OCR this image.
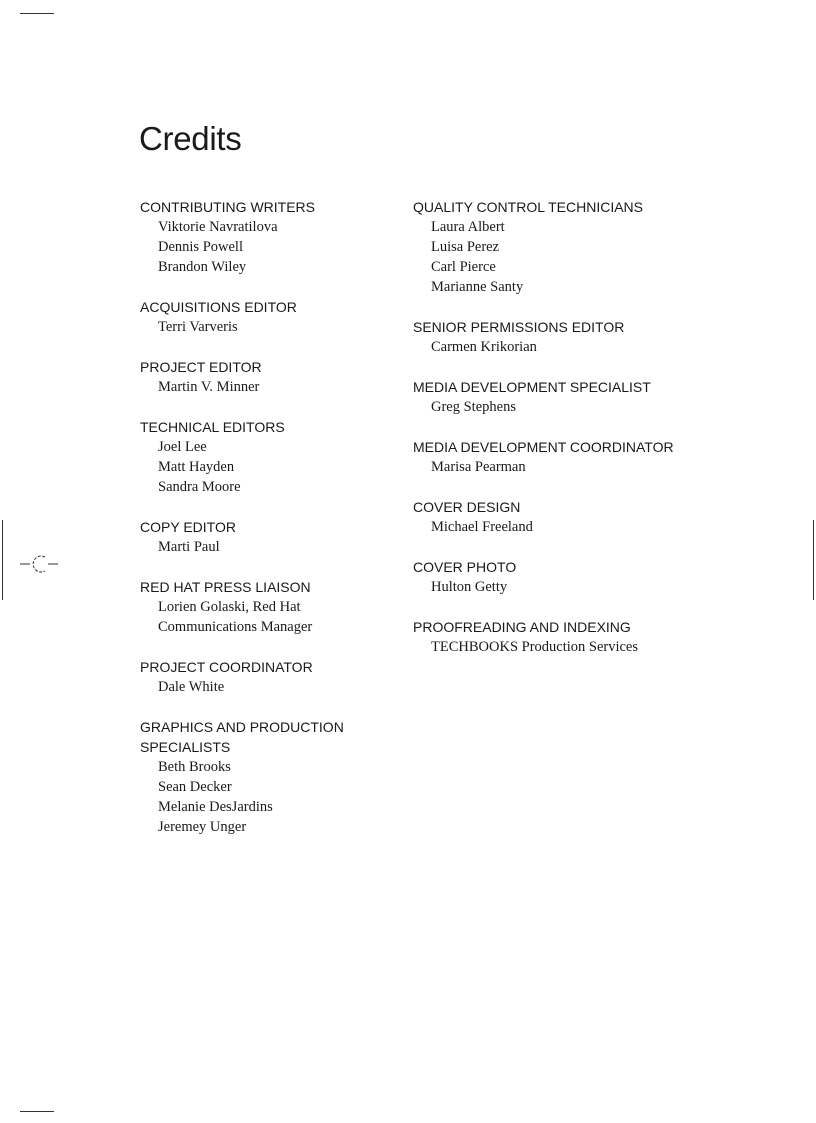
Credits
CONTRIBUTING WRITERS
Viktorie Navratilova
Dennis Powell
Brandon Wiley
ACQUISITIONS EDITOR
Terri Varveris
PROJECT EDITOR
Martin V. Minner
TECHNICAL EDITORS
Joel Lee
Matt Hayden
Sandra Moore
COPY EDITOR
Marti Paul
RED HAT PRESS LIAISON
Lorien Golaski, Red Hat
Communications Manager
PROJECT COORDINATOR
Dale White
GRAPHICS AND PRODUCTION
SPECIALISTS
Beth Brooks
Sean Decker
Melanie DesJardins
Jeremey Unger
QUALITY CONTROL TECHNICIANS
Laura Albert
Luisa Perez
Carl Pierce
Marianne Santy
SENIOR PERMISSIONS EDITOR
Carmen Krikorian
MEDIA DEVELOPMENT SPECIALIST
Greg Stephens
MEDIA DEVELOPMENT COORDINATOR
Marisa Pearman
COVER DESIGN
Michael Freeland
COVER PHOTO
Hulton Getty
PROOFREADING AND INDEXING
TECHBOOKS Production Services
